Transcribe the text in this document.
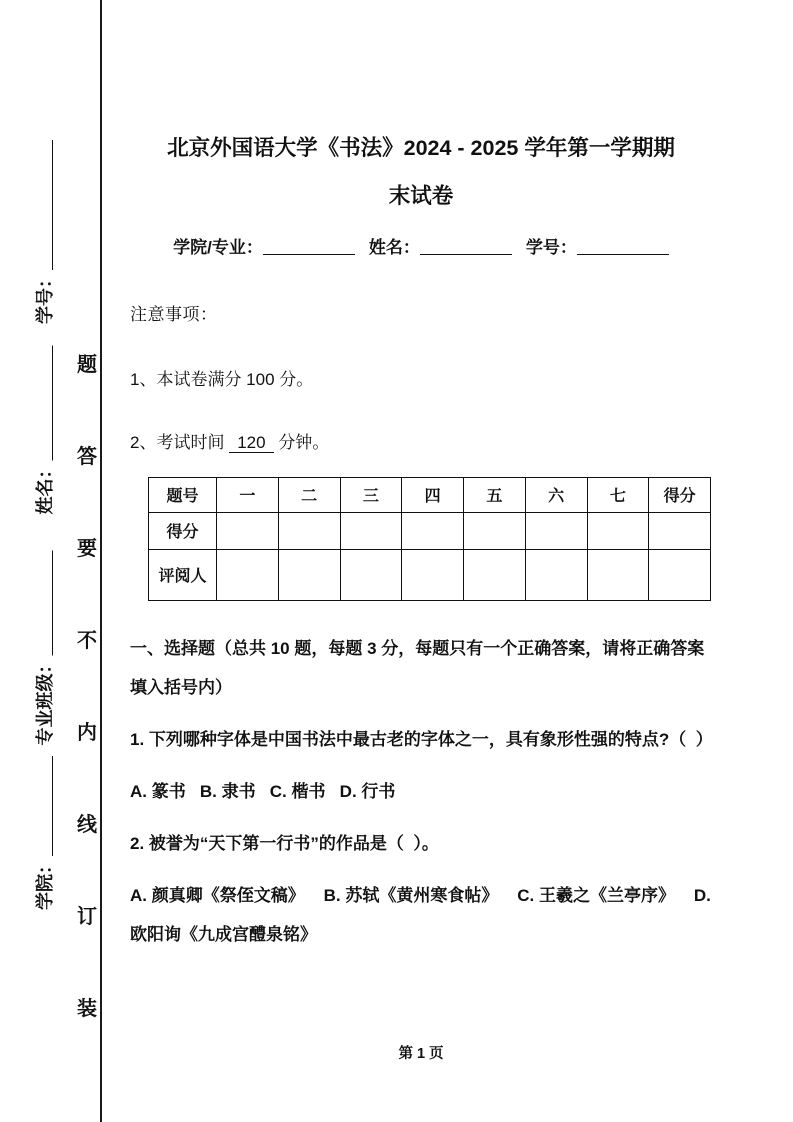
学号：
姓名：
专业班级：
学院：
题
答
要
不
内
线
订
装
北京外国语大学《书法》2024 - 2025 学年第一学期期
末试卷
学院/专业：	姓名：	学号：
注意事项：
1、本试卷满分 100 分。
2、考试时间 120 分钟。
题号	一	二	三	四	五	六	七	得分
得分								
评阅人								
一、选择题（总共 10 题，每题 3 分，每题只有一个正确答案，请将正确答案填入括号内）
1. 下列哪种字体是中国书法中最古老的字体之一，具有象形性强的特点?（  ）
A. 篆书   B. 隶书   C. 楷书   D. 行书
2. 被誉为“天下第一行书”的作品是（  ）。
A. 颜真卿《祭侄文稿》    B. 苏轼《黄州寒食帖》    C. 王羲之《兰亭序》    D. 欧阳询《九成宫醴泉铭》
第 1 页
